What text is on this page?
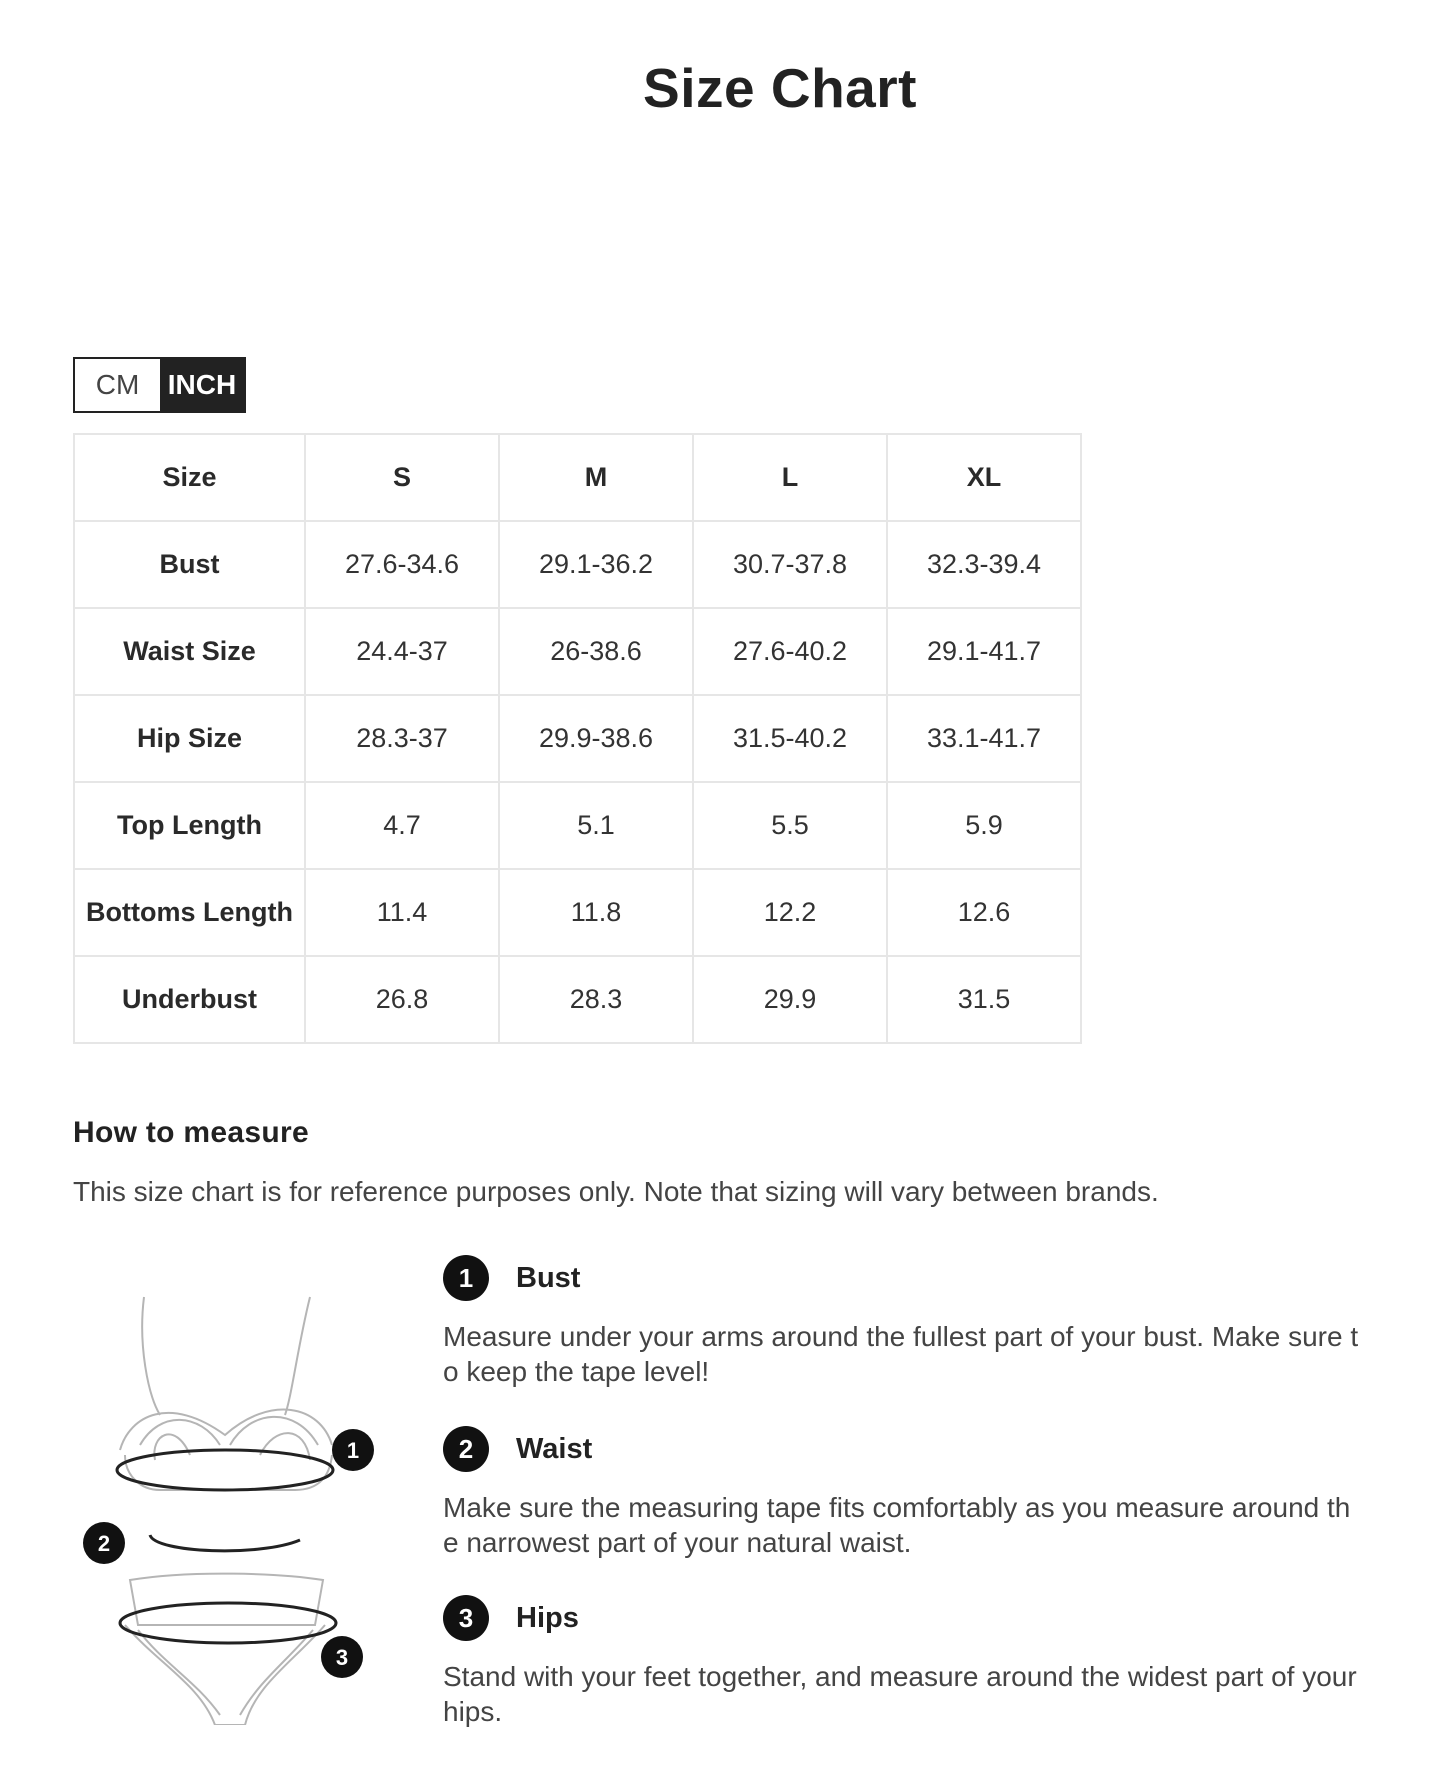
Size Chart
CM	INCH
Size	S	M	L	XL
Bust	27.6-34.6	29.1-36.2	30.7-37.8	32.3-39.4
Waist Size	24.4-37	26-38.6	27.6-40.2	29.1-41.7
Hip Size	28.3-37	29.9-38.6	31.5-40.2	33.1-41.7
Top Length	4.7	5.1	5.5	5.9
Bottoms Length	11.4	11.8	12.2	12.6
Underbust	26.8	28.3	29.9	31.5
How to measure

This size chart is for reference purposes only. Note that sizing will vary between brands.

1
2
3
1	Bust

Measure under your arms around the fullest part of your bust. Make sure to keep the tape level!

2	Waist

Make sure the measuring tape fits comfortably as you measure around the narrowest part of your natural waist.

3	Hips

Stand with your feet together, and measure around the widest part of your hips.
